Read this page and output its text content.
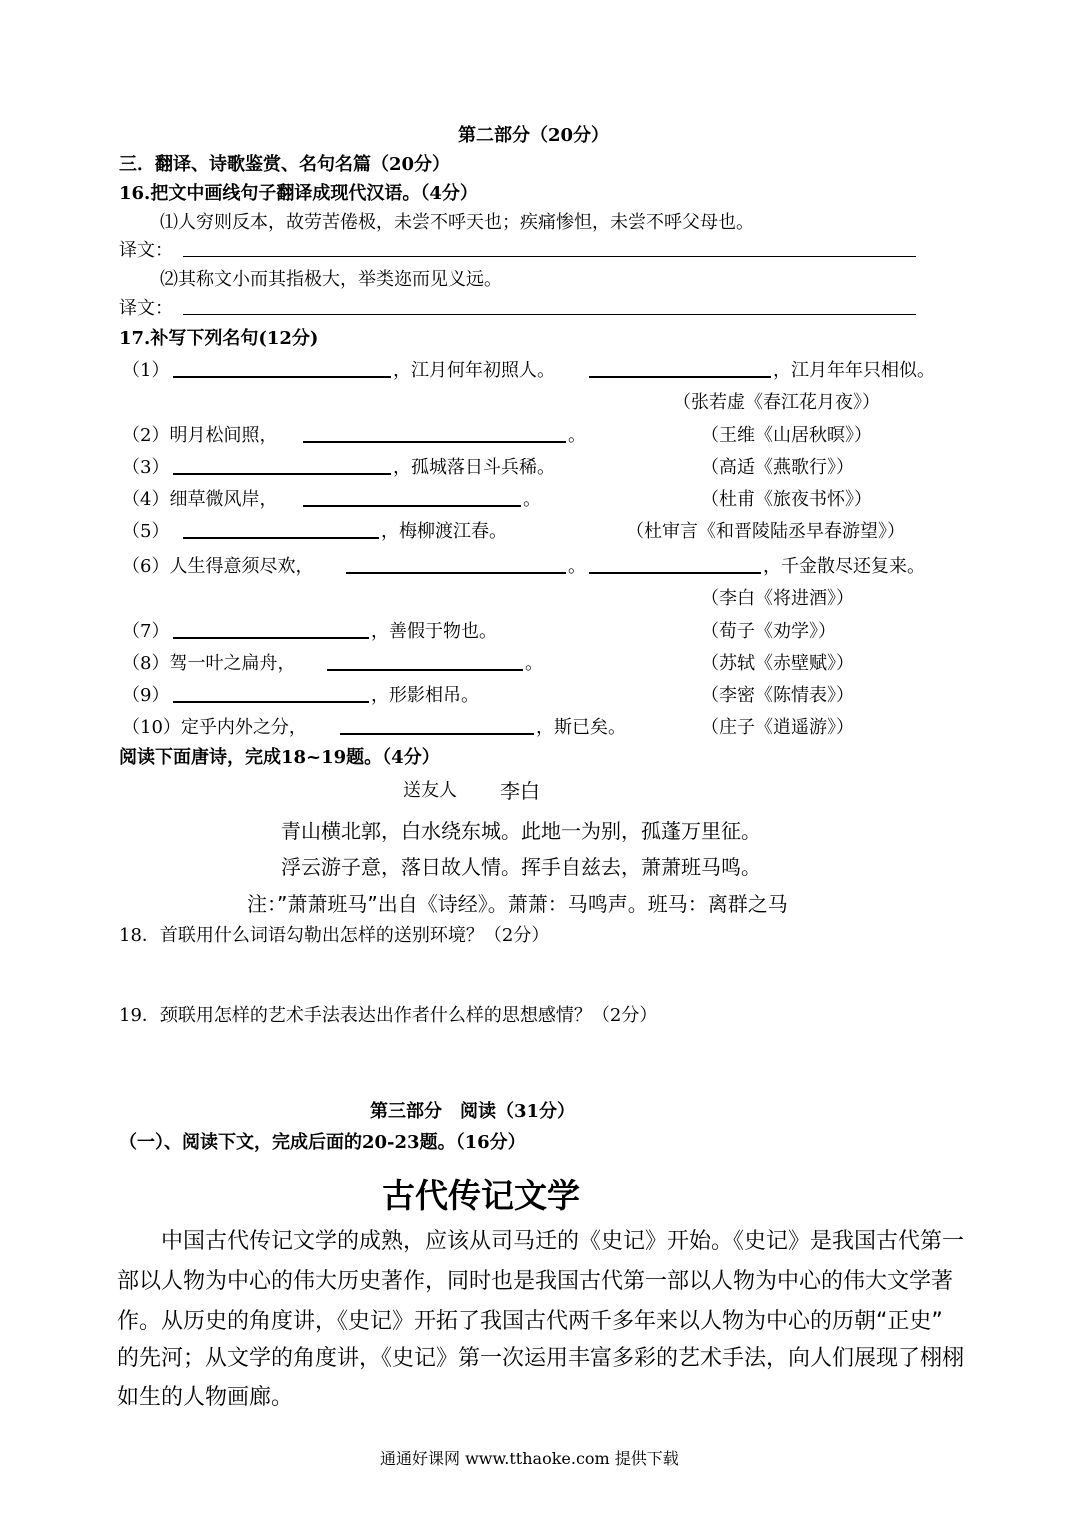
第二部分（20分）
三．翻译、诗歌鉴赏、名句名篇（20分）
16.把文中画线句子翻译成现代汉语。（4分）
⑴人穷则反本，故劳苦倦极，未尝不呼天也；疾痛惨怛，未尝不呼父母也。
译文：
⑵其称文小而其指极大，举类迩而见义远。
译文：
17.补写下列名句(12分)
（1）	，江月何年初照人。	，江月年年只相似。
（张若虚《春江花月夜》）
（2）明月松间照，	。	（王维《山居秋暝》）
（3）	，孤城落日斗兵稀。	（高适《燕歌行》）
（4）细草微风岸，	。	（杜甫《旅夜书怀》）
（5）	，梅柳渡江春。	（杜审言《和晋陵陆丞早春游望》）
（6）人生得意须尽欢，	。	，千金散尽还复来。
（李白《将进酒》）
（7）	，善假于物也。	（荀子《劝学》）
（8）驾一叶之扁舟，	。	（苏轼《赤壁赋》）
（9）	，形影相吊。	（李密《陈情表》）
（10）定乎内外之分，	，斯已矣。	（庄子《逍遥游》）
阅读下面唐诗，完成18~19题。（4分）
送友人 李白
青山横北郭，白水绕东城。此地一为别，孤蓬万里征。
浮云游子意，落日故人情。挥手自兹去，萧萧班马鸣。
注：”萧萧班马”出自《诗经》。萧萧：马鸣声。班马：离群之马
18．首联用什么词语勾勒出怎样的送别环境？（2分）
19．颈联用怎样的艺术手法表达出作者什么样的思想感情？（2分）
第三部分　阅读（31分）
（一）、阅读下文，完成后面的20-23题。（16分）
古代传记文学
　　中国古代传记文学的成熟，应该从司马迁的《史记》开始。《史记》是我国古代第一
部以人物为中心的伟大历史著作，同时也是我国古代第一部以人物为中心的伟大文学著
作。从历史的角度讲，《史记》开拓了我国古代两千多年来以人物为中心的历朝“正史”
的先河；从文学的角度讲，《史记》第一次运用丰富多彩的艺术手法，向人们展现了栩栩
如生的人物画廊。
通通好课网 www.tthaoke.com 提供下载
